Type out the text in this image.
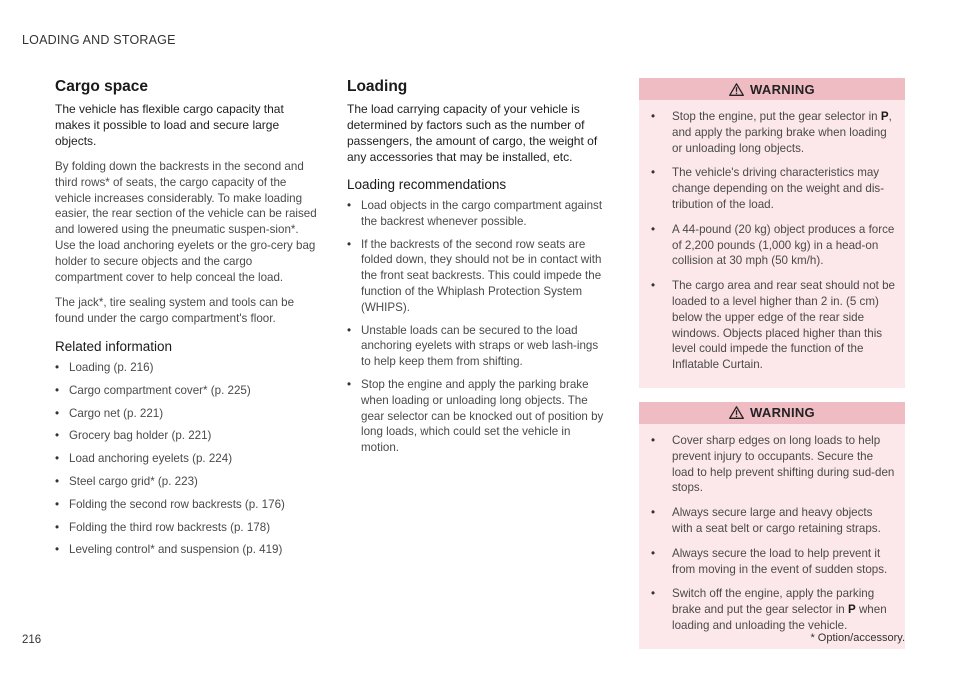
LOADING AND STORAGE
Cargo space

The vehicle has flexible cargo capacity that makes it possible to load and secure large objects.

By folding down the backrests in the second and third rows* of seats, the cargo capacity of the vehicle increases considerably. To make loading easier, the rear section of the vehicle can be raised and lowered using the pneumatic suspen-sion*. Use the load anchoring eyelets or the gro-cery bag holder to secure objects and the cargo compartment cover to help conceal the load.

The jack*, tire sealing system and tools can be found under the cargo compartment's floor.

Related information
• Loading (p. 216)
• Cargo compartment cover* (p. 225)
• Cargo net (p. 221)
• Grocery bag holder (p. 221)
• Load anchoring eyelets (p. 224)
• Steel cargo grid* (p. 223)
• Folding the second row backrests (p. 176)
• Folding the third row backrests (p. 178)
• Leveling control* and suspension (p. 419)
Loading

The load carrying capacity of your vehicle is determined by factors such as the number of passengers, the amount of cargo, the weight of any accessories that may be installed, etc.

Loading recommendations
• Load objects in the cargo compartment against the backrest whenever possible.
• If the backrests of the second row seats are folded down, they should not be in contact with the front seat backrests. This could impede the function of the Whiplash Protection System (WHIPS).
• Unstable loads can be secured to the load anchoring eyelets with straps or web lash-ings to help keep them from shifting.
• Stop the engine and apply the parking brake when loading or unloading long objects. The gear selector can be knocked out of position by long loads, which could set the vehicle in motion.
WARNING
• Stop the engine, put the gear selector in P, and apply the parking brake when loading or unloading long objects.
• The vehicle's driving characteristics may change depending on the weight and dis-tribution of the load.
• A 44-pound (20 kg) object produces a force of 2,200 pounds (1,000 kg) in a head-on collision at 30 mph (50 km/h).
• The cargo area and rear seat should not be loaded to a level higher than 2 in. (5 cm) below the upper edge of the rear side windows. Objects placed higher than this level could impede the function of the Inflatable Curtain.
WARNING
• Cover sharp edges on long loads to help prevent injury to occupants. Secure the load to help prevent shifting during sud-den stops.
• Always secure large and heavy objects with a seat belt or cargo retaining straps.
• Always secure the load to help prevent it from moving in the event of sudden stops.
• Switch off the engine, apply the parking brake and put the gear selector in P when loading and unloading the vehicle.
216	* Option/accessory.
